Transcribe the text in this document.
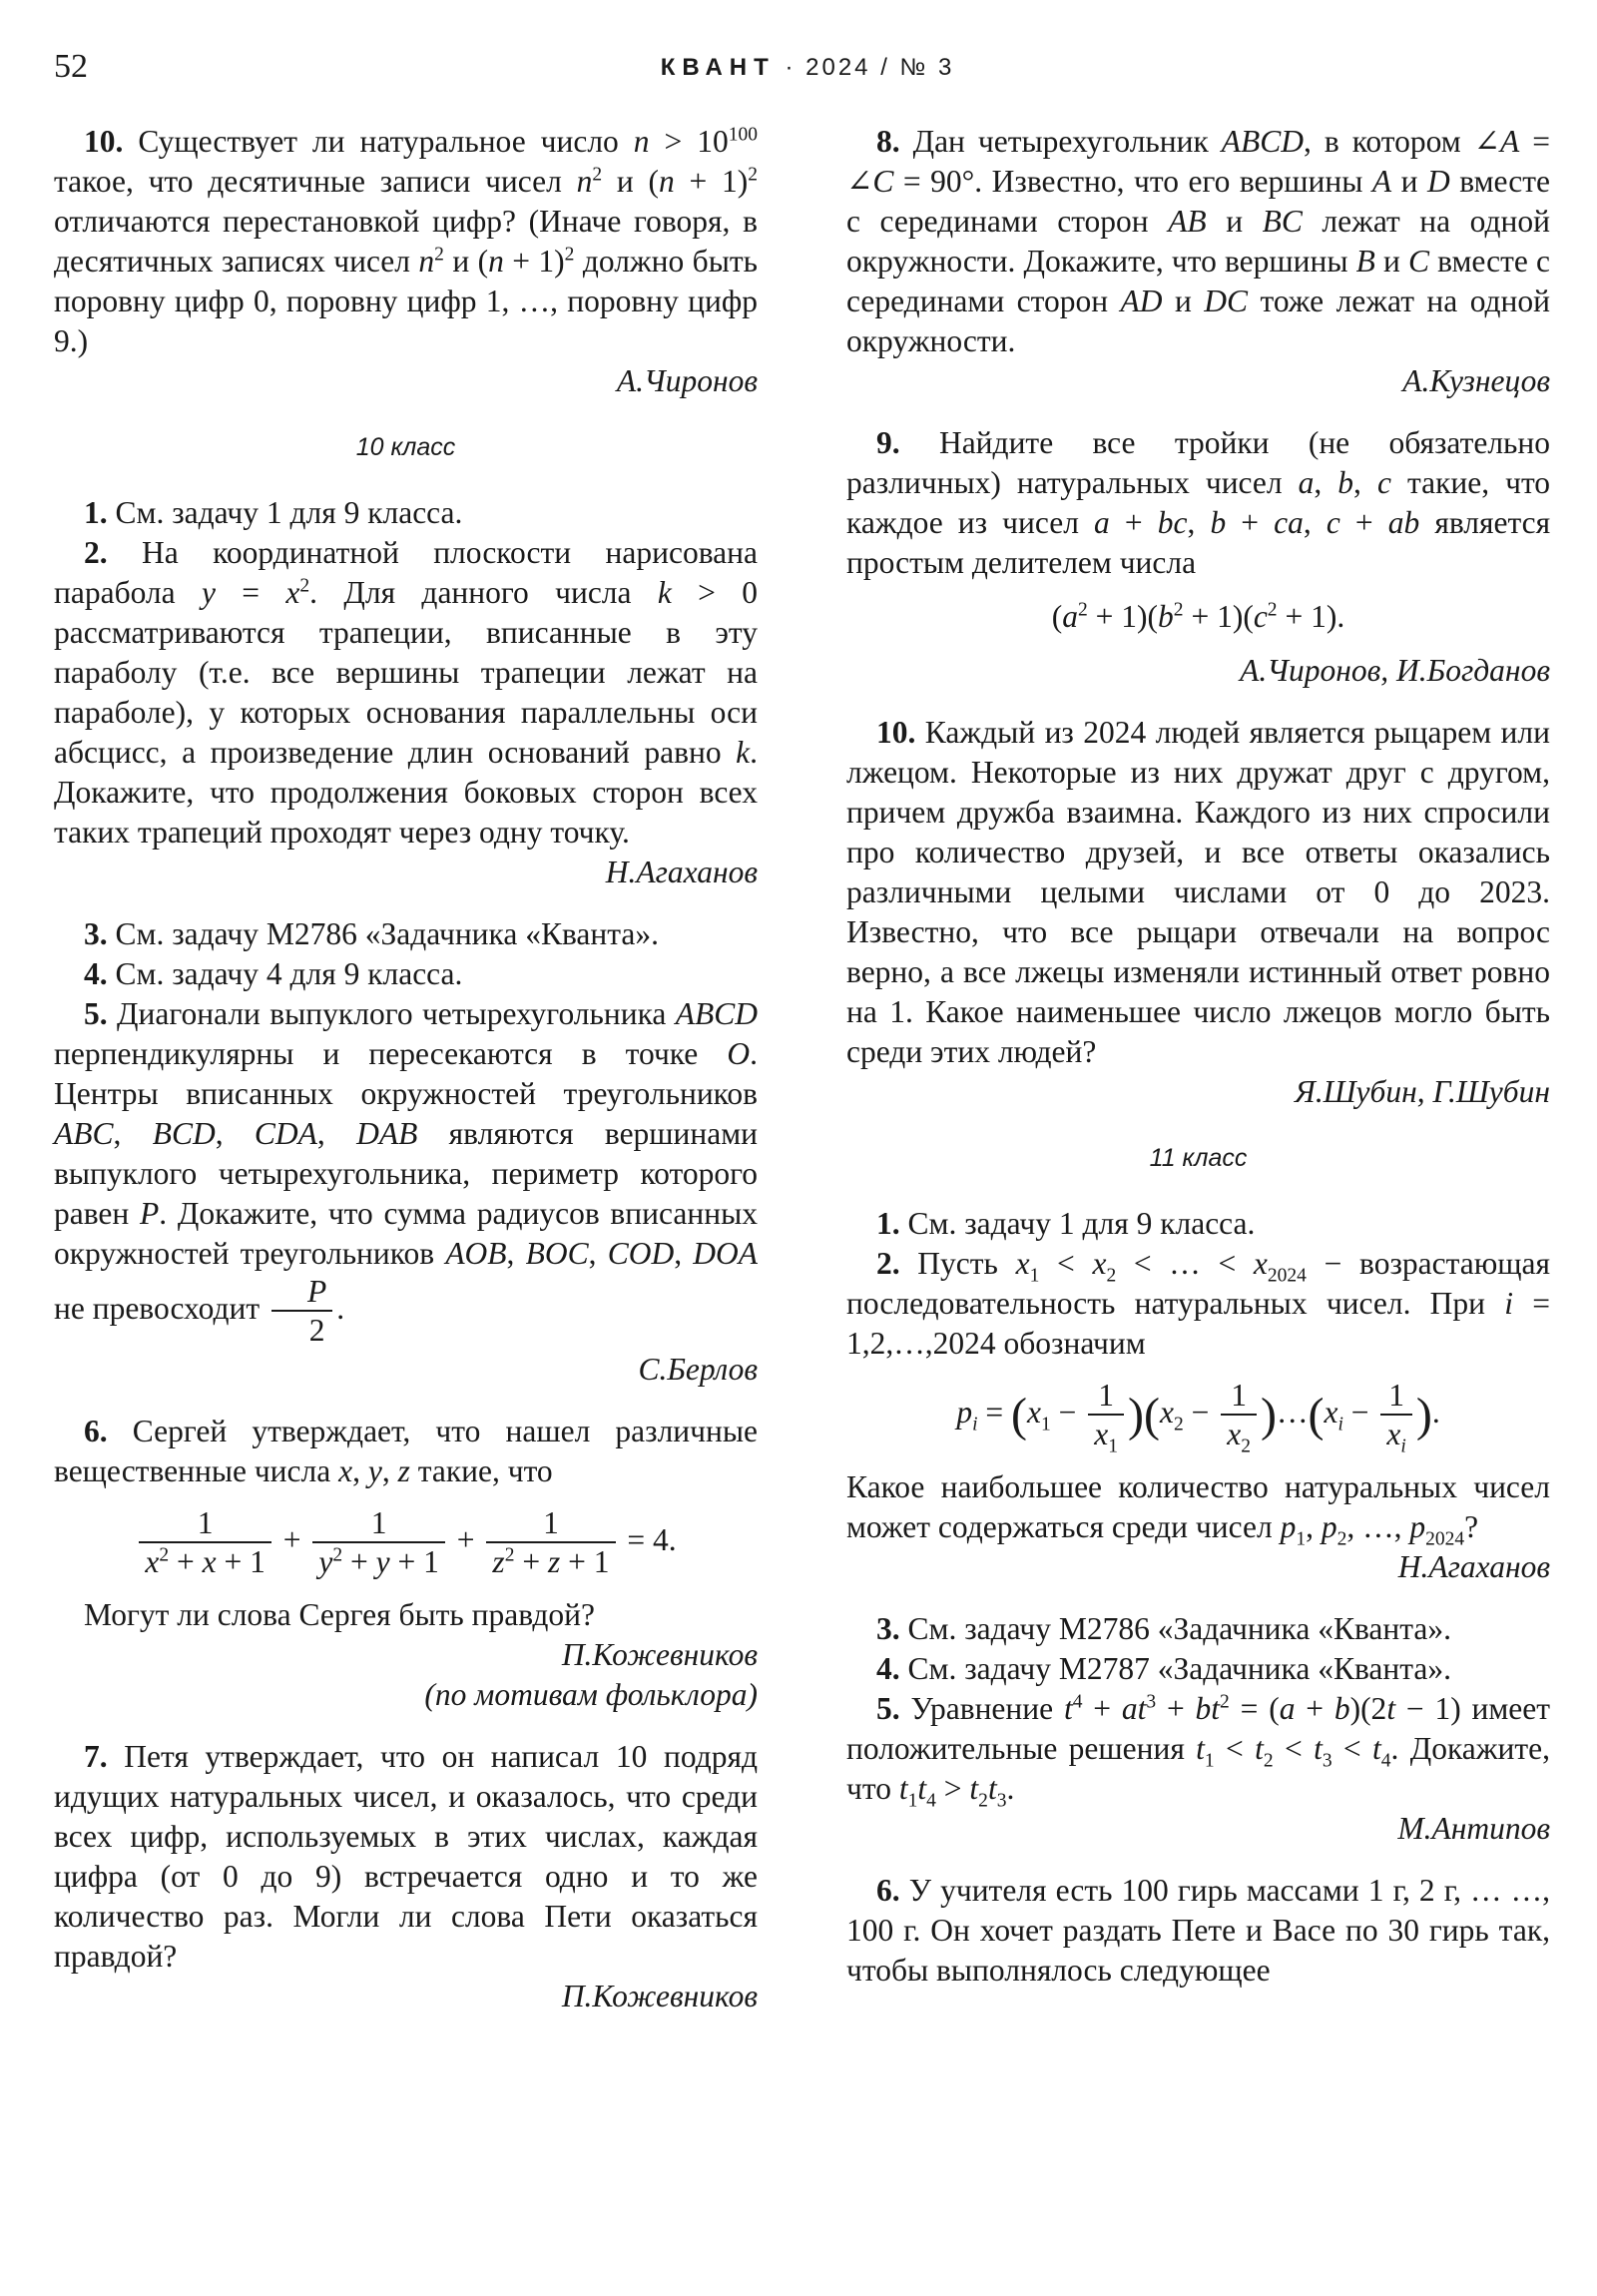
52	КВАНТ · 2024 / № 3

10. Существует ли натуральное число $n > 10^{100}$ такое, что десятичные записи чисел $n^2$ и $(n + 1)^2$ отличаются перестановкой цифр? (Иначе говоря, в десятичных записях чисел $n^2$ и $(n + 1)^2$ должно быть поровну цифр 0, поровну цифр 1, …, поровну цифр 9.)

А.Чиронов

10 класс

1. См. задачу 1 для 9 класса.

2. На координатной плоскости нарисована парабола $y = x^2$. Для данного числа k > 0 рассматриваются трапеции, вписанные в эту параболу (т.е. все вершины трапеции лежат на параболе), у которых основания параллельны оси абсцисс, а произведение длин оснований равно k. Докажите, что продолжения боковых сторон всех таких трапеций проходят через одну точку.

Н.Агаханов

3. См. задачу М2786 «Задачника «Кванта».

4. См. задачу 4 для 9 класса.

5. Диагонали выпуклого четырехугольника ABCD перпендикулярны и пересекаются в точке O. Центры вписанных окружностей треугольников ABC, BCD, CDA, DAB являются вершинами выпуклого четырехугольника, периметр которого равен P. Докажите, что сумма радиусов вписанных окружностей треугольников AOB, BOC, COD, DOA не превосходит $\frac{P}{2}$ .

С.Берлов

6. Сергей утверждает, что нашел различные вещественные числа x, y, z такие, что

$\frac{1}{x^2 + x + 1} + \frac{1}{y^2 + y + 1} + \frac{1}{z^2 + z + 1} = 4$.

Могут ли слова Сергея быть правдой?

П.Кожевников

(по мотивам фольклора)

7. Петя утверждает, что он написал 10 подряд идущих натуральных чисел, и оказалось, что среди всех цифр, используемых в этих числах, каждая цифра (от 0 до 9) встречается одно и то же количество раз. Могли ли слова Пети оказаться правдой?

П.Кожевников

8. Дан четырехугольник ABCD, в котором ∠A = ∠C = 90°. Известно, что его вершины A и D вместе с серединами сторон AB и BC лежат на одной окружности. Докажите, что вершины B и C вместе с серединами сторон AD и DC тоже лежат на одной окружности.

А.Кузнецов

9. Найдите все тройки (не обязательно различных) натуральных чисел a, b, c такие, что каждое из чисел a + bc, b + ca, c + ab является простым делителем числа

$(a^2 + 1)(b^2 + 1)(c^2 + 1)$.

А.Чиронов, И.Богданов

10. Каждый из 2024 людей является рыцарем или лжецом. Некоторые из них дружат друг с другом, причем дружба взаимна. Каждого из них спросили про количество друзей, и все ответы оказались различными целыми числами от 0 до 2023. Известно, что все рыцари отвечали на вопрос верно, а все лжецы изменяли истинный ответ ровно на 1. Какое наименьшее число лжецов могло быть среди этих людей?

Я.Шубин, Г.Шубин

11 класс

1. См. задачу 1 для 9 класса.

2. Пусть $x_1 < x_2$ < … < $x_{2024}$ − возрастающая последовательность натуральных чисел. При i = 1,2,…,2024 обозначим

$p_i = (x_1 - \frac{1}{x_1} )(x_2 - \frac{1}{x_2}$ )$\dots(x_i - \frac{1}{x_i}$ ).

Какое наибольшее количество натуральных чисел может содержаться среди чисел $p_1$, $p_2$, …, $p_{2024}$?

Н.Агаханов

3. См. задачу М2786 «Задачника «Кванта».

4. См. задачу М2787 «Задачника «Кванта».

5. Уравнение $t^4 + at^3 + bt^2 = (a + b)(2t - 1)$ имеет положительные решения $t_1 < t_2 < t_3 < t_4$. Докажите, что $t_1t_4 > t_2t_3$.

М.Антипов

6. У учителя есть 100 гирь массами 1 г, 2 г, … …, 100 г. Он хочет раздать Пете и Васе по 30 гирь так, чтобы выполнялось следующее
